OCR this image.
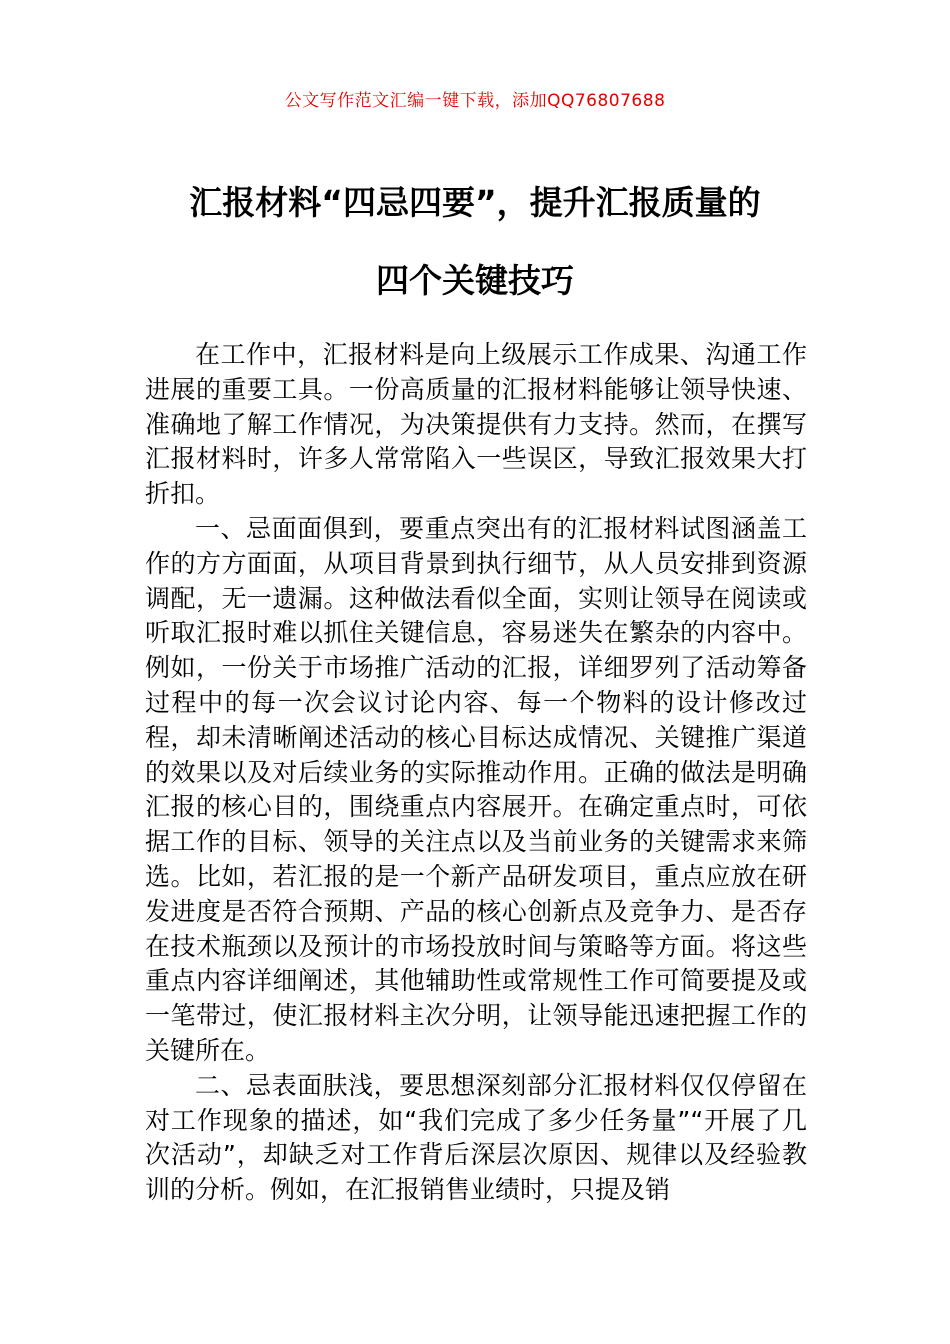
公文写作范文汇编一键下载，添加QQ76807688
汇报材料“四忌四要”，提升汇报质量的
四个关键技巧

在工作中，汇报材料是向上级展示工作成果、沟通工作进展的重要工具。一份高质量的汇报材料能够让领导快速、准确地了解工作情况，为决策提供有力支持。然而，在撰写汇报材料时，许多人常常陷入一些误区，导致汇报效果大打折扣。

一、忌面面俱到，要重点突出有的汇报材料试图涵盖工作的方方面面，从项目背景到执行细节，从人员安排到资源调配，无一遗漏。这种做法看似全面，实则让领导在阅读或听取汇报时难以抓住关键信息，容易迷失在繁杂的内容中。例如，一份关于市场推广活动的汇报，详细罗列了活动筹备过程中的每一次会议讨论内容、每一个物料的设计修改过程，却未清晰阐述活动的核心目标达成情况、关键推广渠道的效果以及对后续业务的实际推动作用。正确的做法是明确汇报的核心目的，围绕重点内容展开。在确定重点时，可依据工作的目标、领导的关注点以及当前业务的关键需求来筛选。比如，若汇报的是一个新产品研发项目，重点应放在研发进度是否符合预期、产品的核心创新点及竞争力、是否存在技术瓶颈以及预计的市场投放时间与策略等方面。将这些重点内容详细阐述，其他辅助性或常规性工作可简要提及或一笔带过，使汇报材料主次分明，让领导能迅速把握工作的关键所在。

二、忌表面肤浅，要思想深刻部分汇报材料仅仅停留在对工作现象的描述，如“我们完成了多少任务量”“开展了几次活动”，却缺乏对工作背后深层次原因、规律以及经验教训的分析。例如，在汇报销售业绩时，只提及销
